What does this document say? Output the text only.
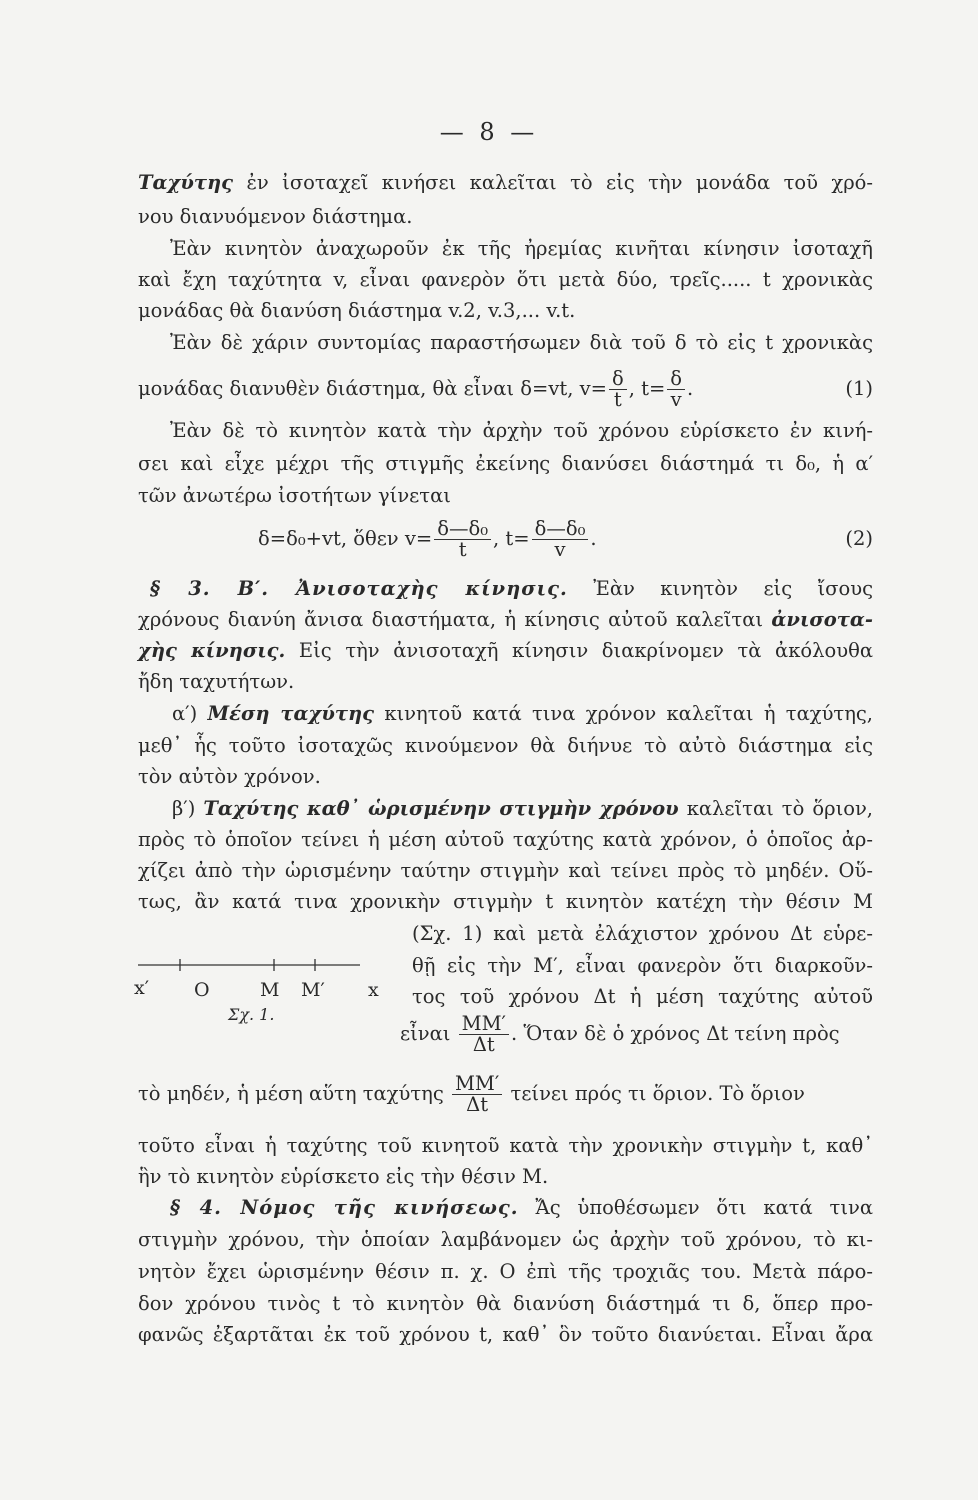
— 8 —
Ταχύτης ἐν ἰσοταχεῖ κινήσει καλεῖται τὸ εἰς τὴν μονάδα τοῦ χρό-
νου διανυόμενον διάστημα.
Ἐὰν κινητὸν ἀναχωροῦν ἐκ τῆς ἠρεμίας κινῆται κίνησιν ἰσοταχῆ
καὶ ἔχη ταχύτητα v, εἶναι φανερὸν ὅτι μετὰ δύο, τρεῖς..... t χρονικὰς
μονάδας θὰ διανύση διάστημα v.2, v.3,... v.t.
Ἐὰν δὲ χάριν συντομίας παραστήσωμεν διὰ τοῦ δ τὸ εἰς t χρονικὰς
μονάδας διανυθὲν διάστημα, θὰ εἶναι δ=vt, $v= \frac{\delta}{t}$ , $t= \frac{\delta}{v}$ .	(1)
Ἐὰν δὲ τὸ κινητὸν κατὰ τὴν ἀρχὴν τοῦ χρόνου εὑρίσκετο ἐν κινή-
σει καὶ εἶχε μέχρι τῆς στιγμῆς ἐκείνης διανύσει διάστημά τι δ₀, ἡ α′
τῶν ἀνωτέρω ἰσοτήτων γίνεται
δ=δ₀+vt, ὅθεν $v= \frac{\text{δ—δ₀}}{t}$ , $t= \frac{\text{δ—δ₀}}{v}$ .	(2)
§ 3. Β′. Ἀνισοταχὴς κίνησις. Ἐὰν κινητὸν εἰς ἴσους
χρόνους διανύη ἄνισα διαστήματα, ἡ κίνησις αὐτοῦ καλεῖται ἀνισοτα-
χὴς κίνησις. Εἰς τὴν ἀνισοταχῆ κίνησιν διακρίνομεν τὰ ἀκόλουθα
ἤδη ταχυτήτων.
α′) Μέση ταχύτης κινητοῦ κατά τινα χρόνον καλεῖται ἡ ταχύτης,
μεθ᾽ ἧς τοῦτο ἰσοταχῶς κινούμενον θὰ διήνυε τὸ αὐτὸ διάστημα εἰς
τὸν αὐτὸν χρόνον.
β′) Ταχύτης καθ᾽ ὡρισμένην στιγμὴν χρόνου καλεῖται τὸ ὅριον,
πρὸς τὸ ὁποῖον τείνει ἡ μέση αὐτοῦ ταχύτης κατὰ χρόνον, ὁ ὁποῖος ἀρ-
χίζει ἀπὸ τὴν ὡρισμένην ταύτην στιγμὴν καὶ τείνει πρὸς τὸ μηδέν. Οὕ-
τως, ἂν κατά τινα χρονικὴν στιγμὴν t κινητὸν κατέχη τὴν θέσιν Μ
(Σχ. 1) καὶ μετὰ ἐλάχιστον χρόνου Δt εὑρε-
θῇ εἰς τὴν Μ′, εἶναι φανερὸν ὅτι διαρκοῦν-
τος τοῦ χρόνου Δt ἡ μέση ταχύτης αὐτοῦ
εἶναι $\frac{MM'}{\Delta t}$ . Ὅταν δὲ ὁ χρόνος Δt τείνη πρὸς
x′ O	M M′ x
Σχ. 1.
τὸ μηδέν, ἡ μέση αὕτη ταχύτης $\frac{MM'}{\Delta t}$ τείνει πρός τι ὅριον. Τὸ ὅριον
τοῦτο εἶναι ἡ ταχύτης τοῦ κινητοῦ κατὰ τὴν χρονικὴν στιγμὴν t, καθ᾽
ἣν τὸ κινητὸν εὑρίσκετο εἰς τὴν θέσιν Μ.
§ 4. Νόμος τῆς κινήσεως. Ἄς ὑποθέσωμεν ὅτι κατά τινα
στιγμὴν χρόνου, τὴν ὁποίαν λαμβάνομεν ὡς ἀρχὴν τοῦ χρόνου, τὸ κι-
νητὸν ἔχει ὡρισμένην θέσιν π. χ. Ο ἐπὶ τῆς τροχιᾶς του. Μετὰ πάρο-
δον χρόνου τινὸς t τὸ κινητὸν θὰ διανύση διάστημά τι δ, ὅπερ προ-
φανῶς ἐξαρτᾶται ἐκ τοῦ χρόνου t, καθ᾽ ὃν τοῦτο διανύεται. Εἶναι ἄρα
